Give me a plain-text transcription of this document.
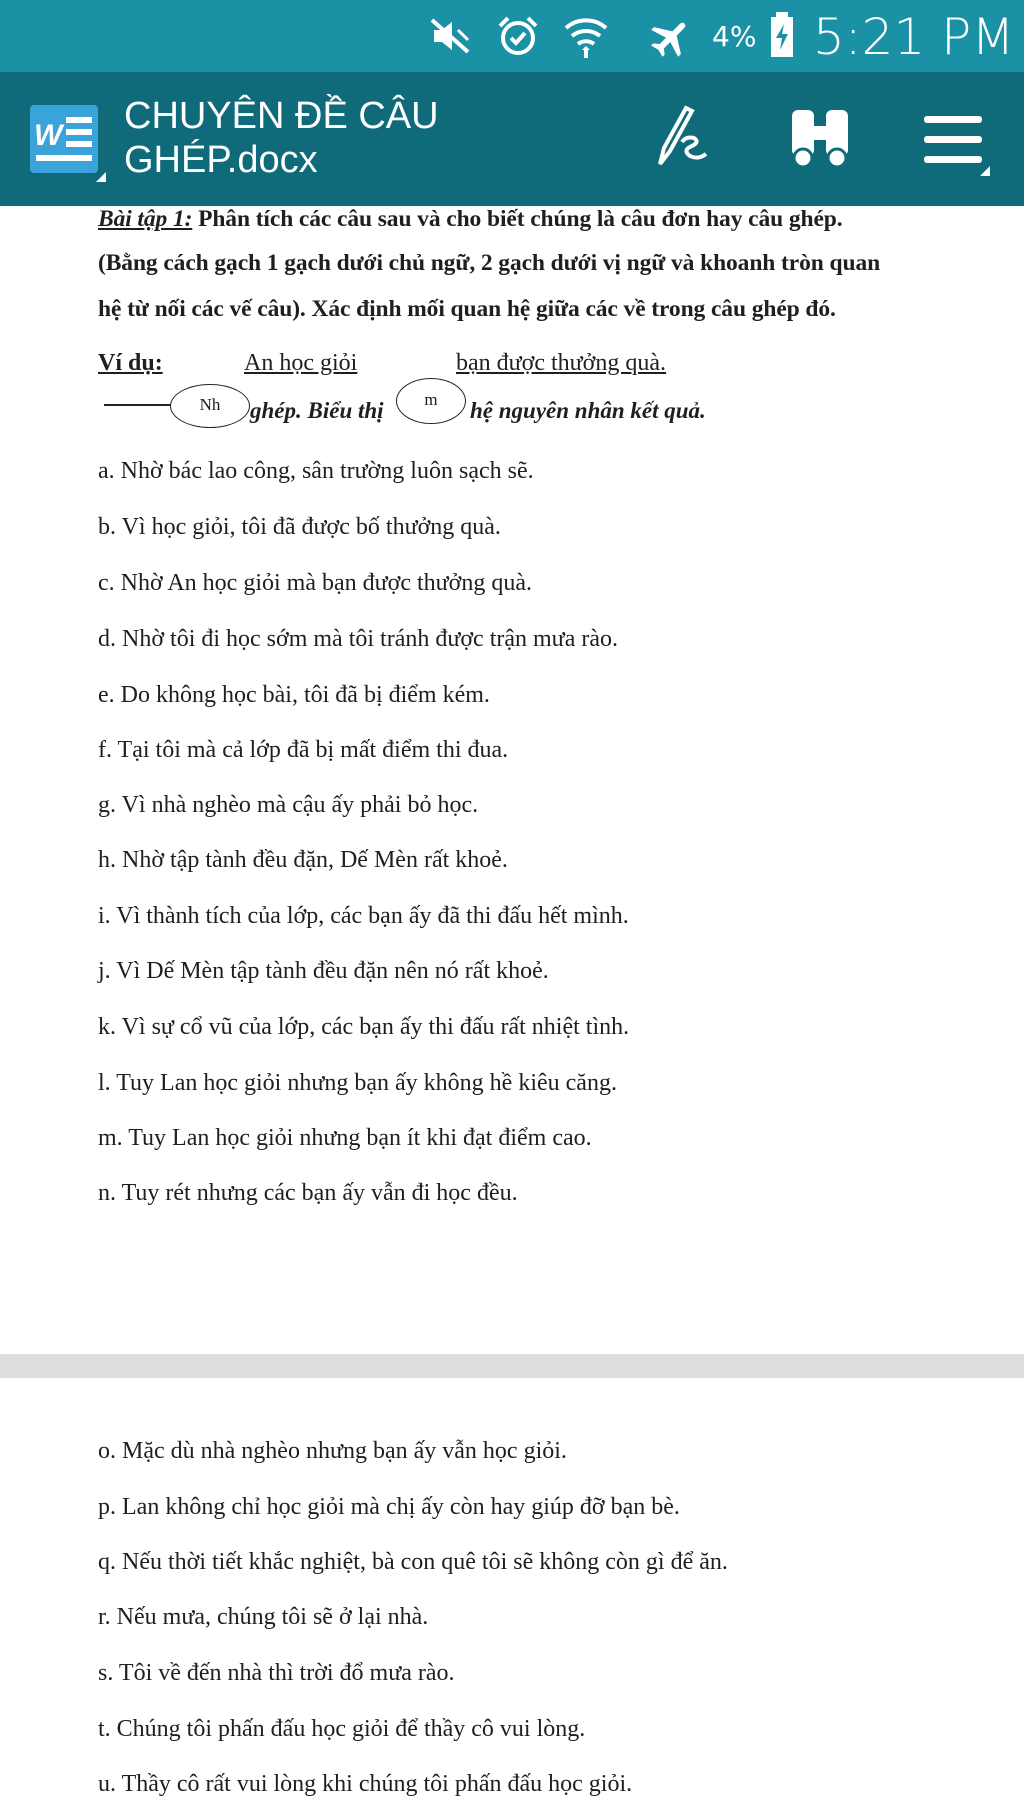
4% 5:21 PM
W CHUYÊN ĐỀ CÂU
GHÉP.docx
Bài tập 1: Phân tích các câu sau và cho biết chúng là câu đơn hay câu ghép.
(Bằng cách gạch 1 gạch dưới chủ ngữ, 2 gạch dưới vị ngữ và khoanh tròn quan
hệ từ nối các vế câu). Xác định mối quan hệ giữa các về trong câu ghép đó.
Ví dụ:	An học giỏi	bạn được thưởng quà.
Nh	ghép. Biểu thị	m	hệ nguyên nhân kết quả.
a. Nhờ bác lao công, sân trường luôn sạch sẽ.
b. Vì học giỏi, tôi đã được bố thưởng quà.
c. Nhờ An học giỏi mà bạn được thưởng quà.
d. Nhờ tôi đi học sớm mà tôi tránh được trận mưa rào.
e. Do không học bài, tôi đã bị điểm kém.
f. Tại tôi mà cả lớp đã bị mất điểm thi đua.
g. Vì nhà nghèo mà cậu ấy phải bỏ học.
h. Nhờ tập tành đều đặn, Dế Mèn rất khoẻ.
i. Vì thành tích của lớp, các bạn ấy đã thi đấu hết mình.
j. Vì Dế Mèn tập tành đều đặn nên nó rất khoẻ.
k. Vì sự cổ vũ của lớp, các bạn ấy thi đấu rất nhiệt tình.
l. Tuy Lan học giỏi nhưng bạn ấy không hề kiêu căng.
m. Tuy Lan học giỏi nhưng bạn ít khi đạt điểm cao.
n. Tuy rét nhưng các bạn ấy vẫn đi học đều.
o. Mặc dù nhà nghèo nhưng bạn ấy vẫn học giỏi.
p. Lan không chỉ học giỏi mà chị ấy còn hay giúp đỡ bạn bè.
q. Nếu thời tiết khắc nghiệt, bà con quê tôi sẽ không còn gì để ăn.
r. Nếu mưa, chúng tôi sẽ ở lại nhà.
s. Tôi về đến nhà thì trời đổ mưa rào.
t. Chúng tôi phấn đấu học giỏi để thầy cô vui lòng.
u. Thầy cô rất vui lòng khi chúng tôi phấn đấu học giỏi.
